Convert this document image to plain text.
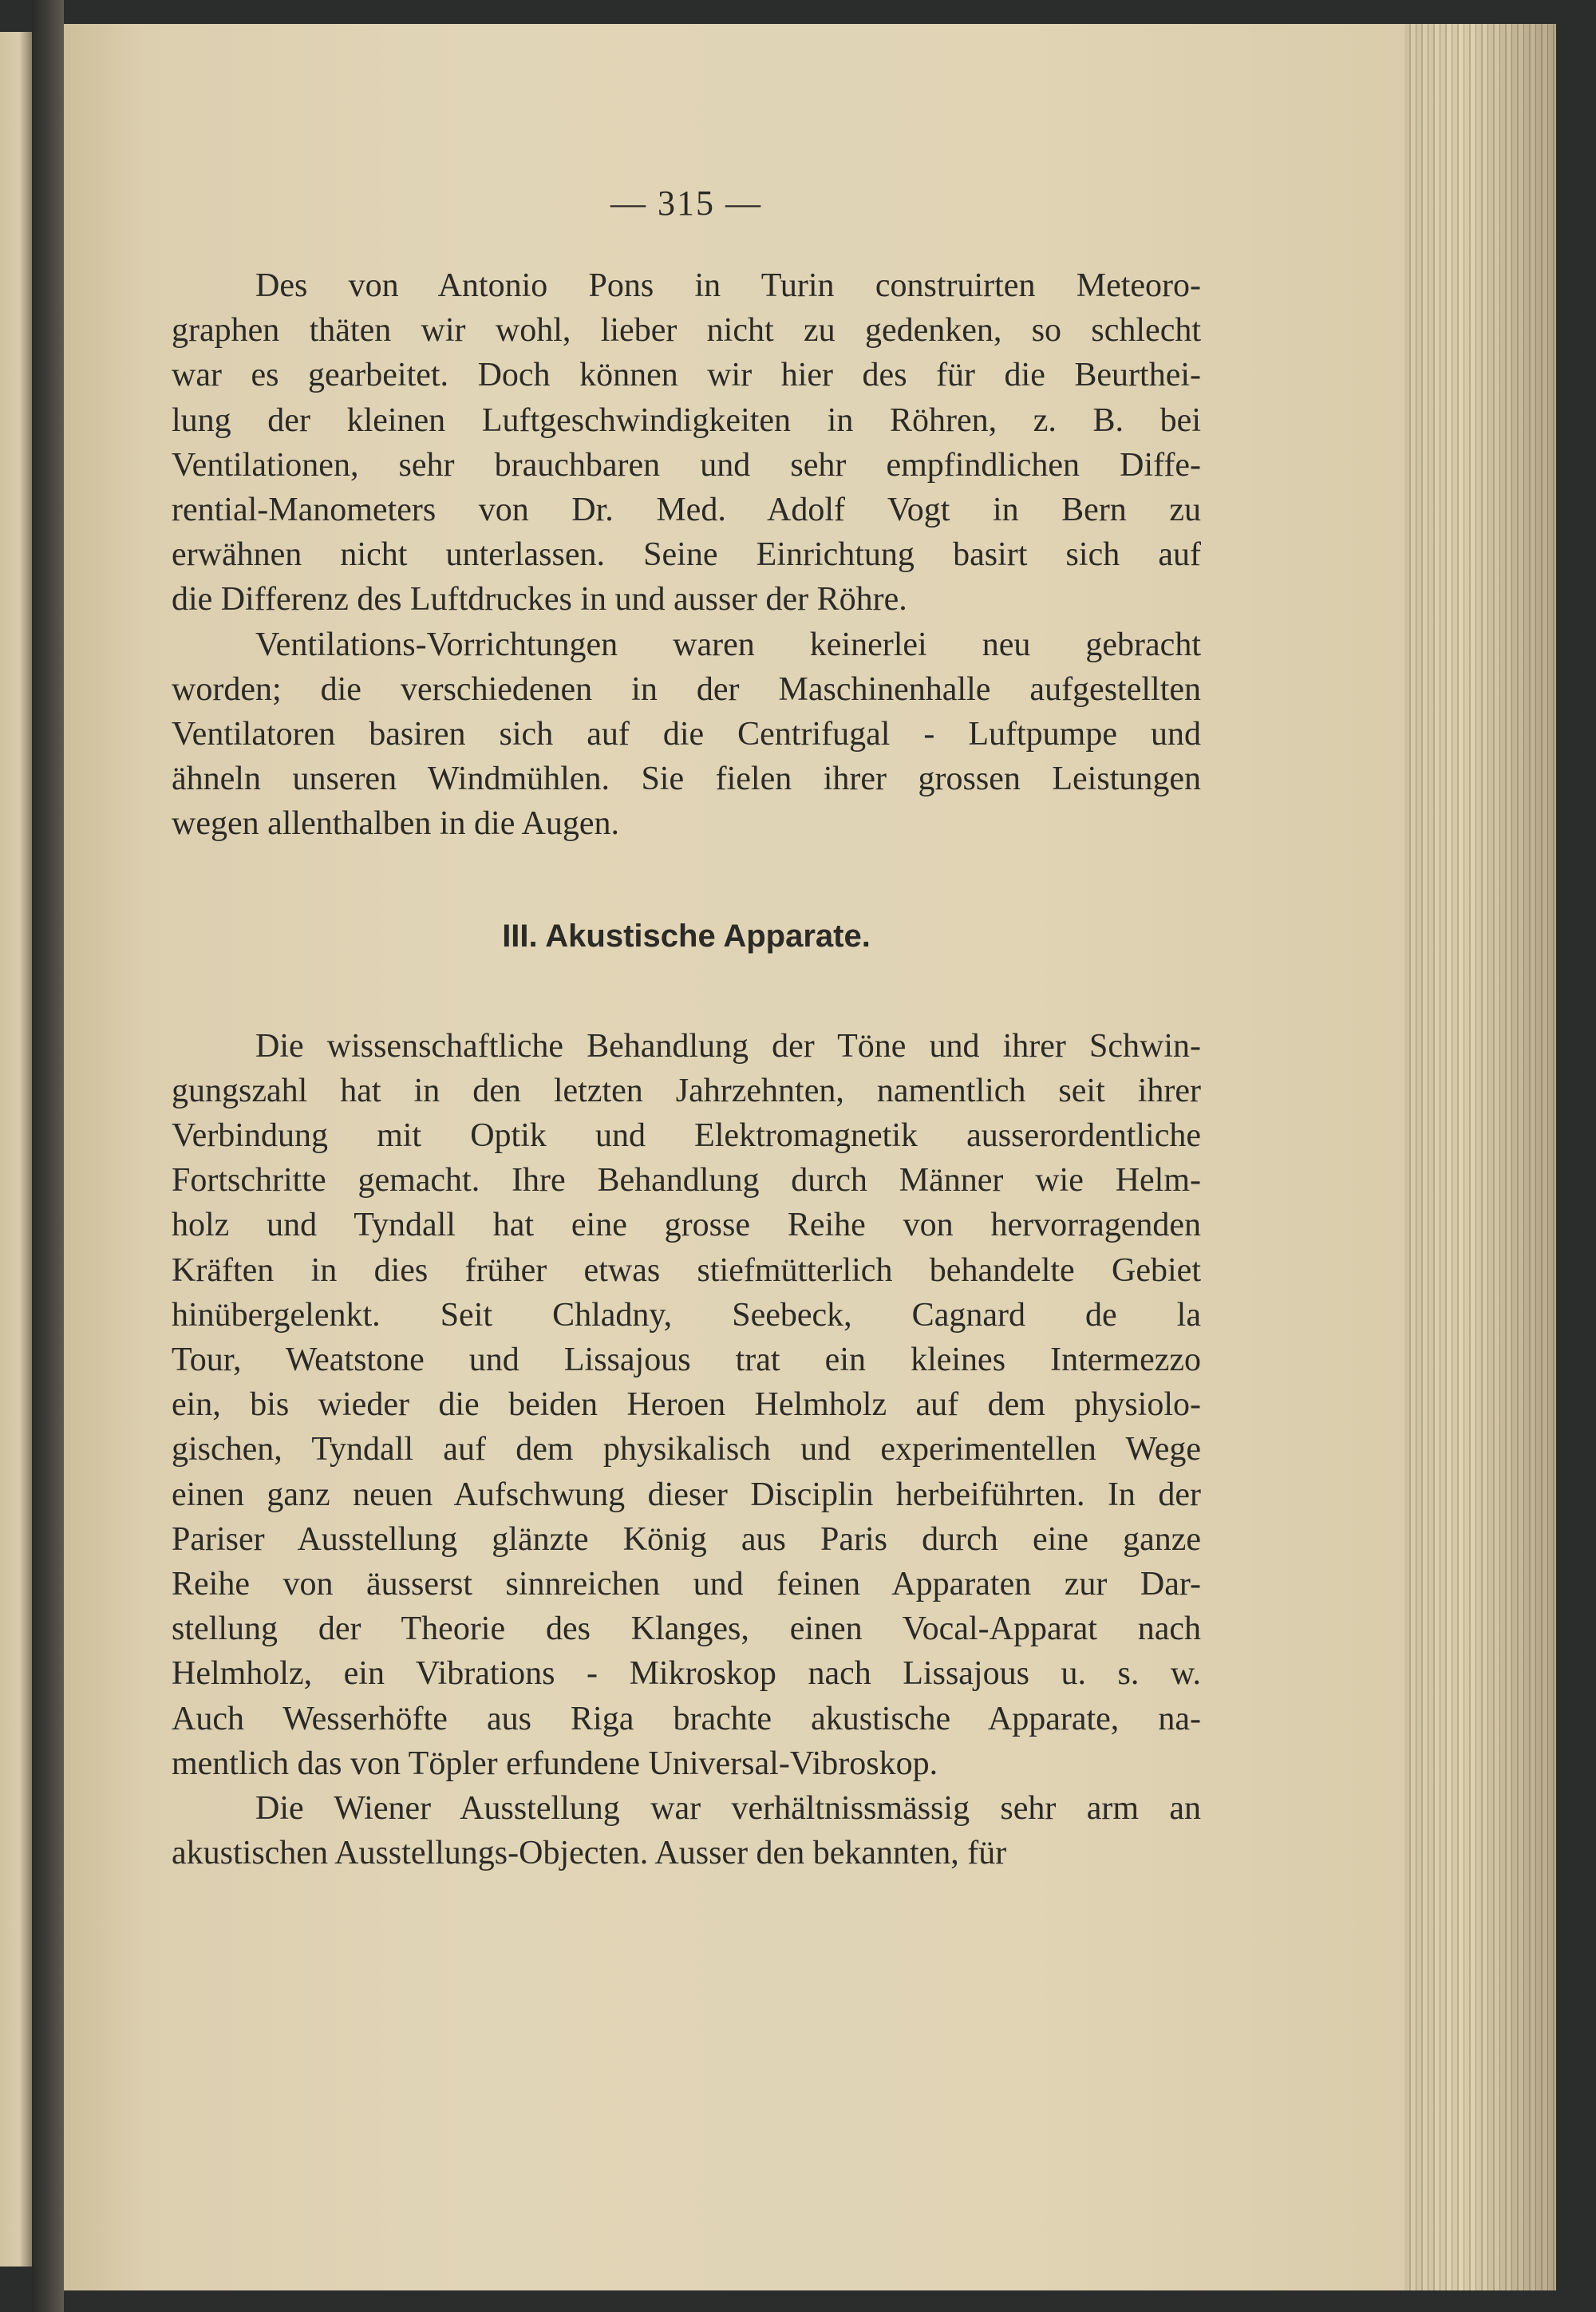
— 315 —
Des von Antonio Pons in Turin construirten Meteoro-
graphen thäten wir wohl, lieber nicht zu gedenken, so schlecht
war es gearbeitet. Doch können wir hier des für die Beurthei-
lung der kleinen Luftgeschwindigkeiten in Röhren, z. B. bei
Ventilationen, sehr brauchbaren und sehr empfindlichen Diffe-
rential-Manometers von Dr. Med. Adolf Vogt in Bern zu
erwähnen nicht unterlassen. Seine Einrichtung basirt sich auf
die Differenz des Luftdruckes in und ausser der Röhre.
Ventilations-Vorrichtungen waren keinerlei neu gebracht
worden; die verschiedenen in der Maschinenhalle aufgestellten
Ventilatoren basiren sich auf die Centrifugal - Luftpumpe und
ähneln unseren Windmühlen. Sie fielen ihrer grossen Leistungen
wegen allenthalben in die Augen.
III. Akustische Apparate.
Die wissenschaftliche Behandlung der Töne und ihrer Schwin-
gungszahl hat in den letzten Jahrzehnten, namentlich seit ihrer
Verbindung mit Optik und Elektromagnetik ausserordentliche
Fortschritte gemacht. Ihre Behandlung durch Männer wie Helm-
holz und Tyndall hat eine grosse Reihe von hervorragenden
Kräften in dies früher etwas stiefmütterlich behandelte Gebiet
hinübergelenkt. Seit Chladny, Seebeck, Cagnard de la
Tour, Weatstone und Lissajous trat ein kleines Intermezzo
ein, bis wieder die beiden Heroen Helmholz auf dem physiolo-
gischen, Tyndall auf dem physikalisch und experimentellen Wege
einen ganz neuen Aufschwung dieser Disciplin herbeiführten. In der
Pariser Ausstellung glänzte König aus Paris durch eine ganze
Reihe von äusserst sinnreichen und feinen Apparaten zur Dar-
stellung der Theorie des Klanges, einen Vocal-Apparat nach
Helmholz, ein Vibrations - Mikroskop nach Lissajous u. s. w.
Auch Wesserhöfte aus Riga brachte akustische Apparate, na-
mentlich das von Töpler erfundene Universal-Vibroskop.
Die Wiener Ausstellung war verhältnissmässig sehr arm an
akustischen Ausstellungs-Objecten. Ausser den bekannten, für
